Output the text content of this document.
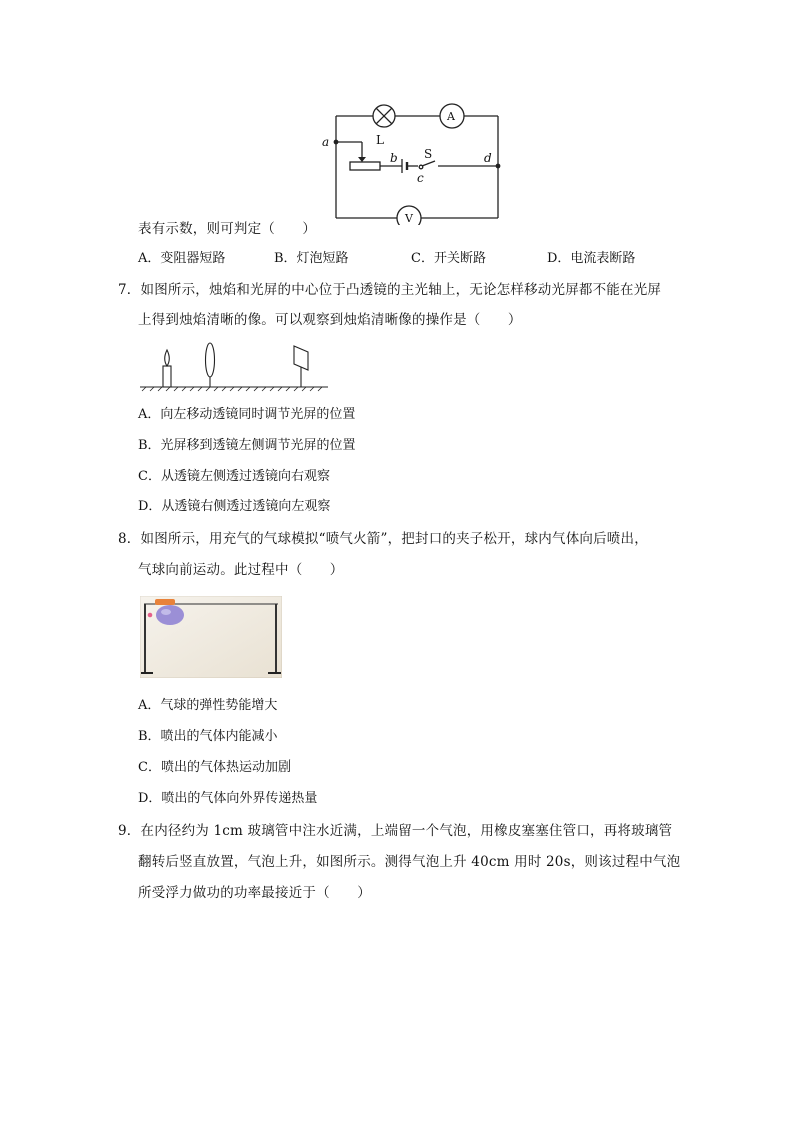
a	L
b S
c
d
A
V
表有示数，则可判定（　　）
A．变阻器短路	B．灯泡短路	C．开关断路	D．电流表断路
7．如图所示，烛焰和光屏的中心位于凸透镜的主光轴上，无论怎样移动光屏都不能在光屏
上得到烛焰清晰的像。可以观察到烛焰清晰像的操作是（　　）
A．向左移动透镜同时调节光屏的位置
B．光屏移到透镜左侧调节光屏的位置
C．从透镜左侧透过透镜向右观察
D．从透镜右侧透过透镜向左观察
8．如图所示，用充气的气球模拟“喷气火箭”，把封口的夹子松开，球内气体向后喷出，
气球向前运动。此过程中（　　）
A．气球的弹性势能增大
B．喷出的气体内能减小
C．喷出的气体热运动加剧
D．喷出的气体向外界传递热量
9．在内径约为 1cm 玻璃管中注水近满，上端留一个气泡，用橡皮塞塞住管口，再将玻璃管
翻转后竖直放置，气泡上升，如图所示。测得气泡上升 40cm 用时 20s，则该过程中气泡
所受浮力做功的功率最接近于（　　）
